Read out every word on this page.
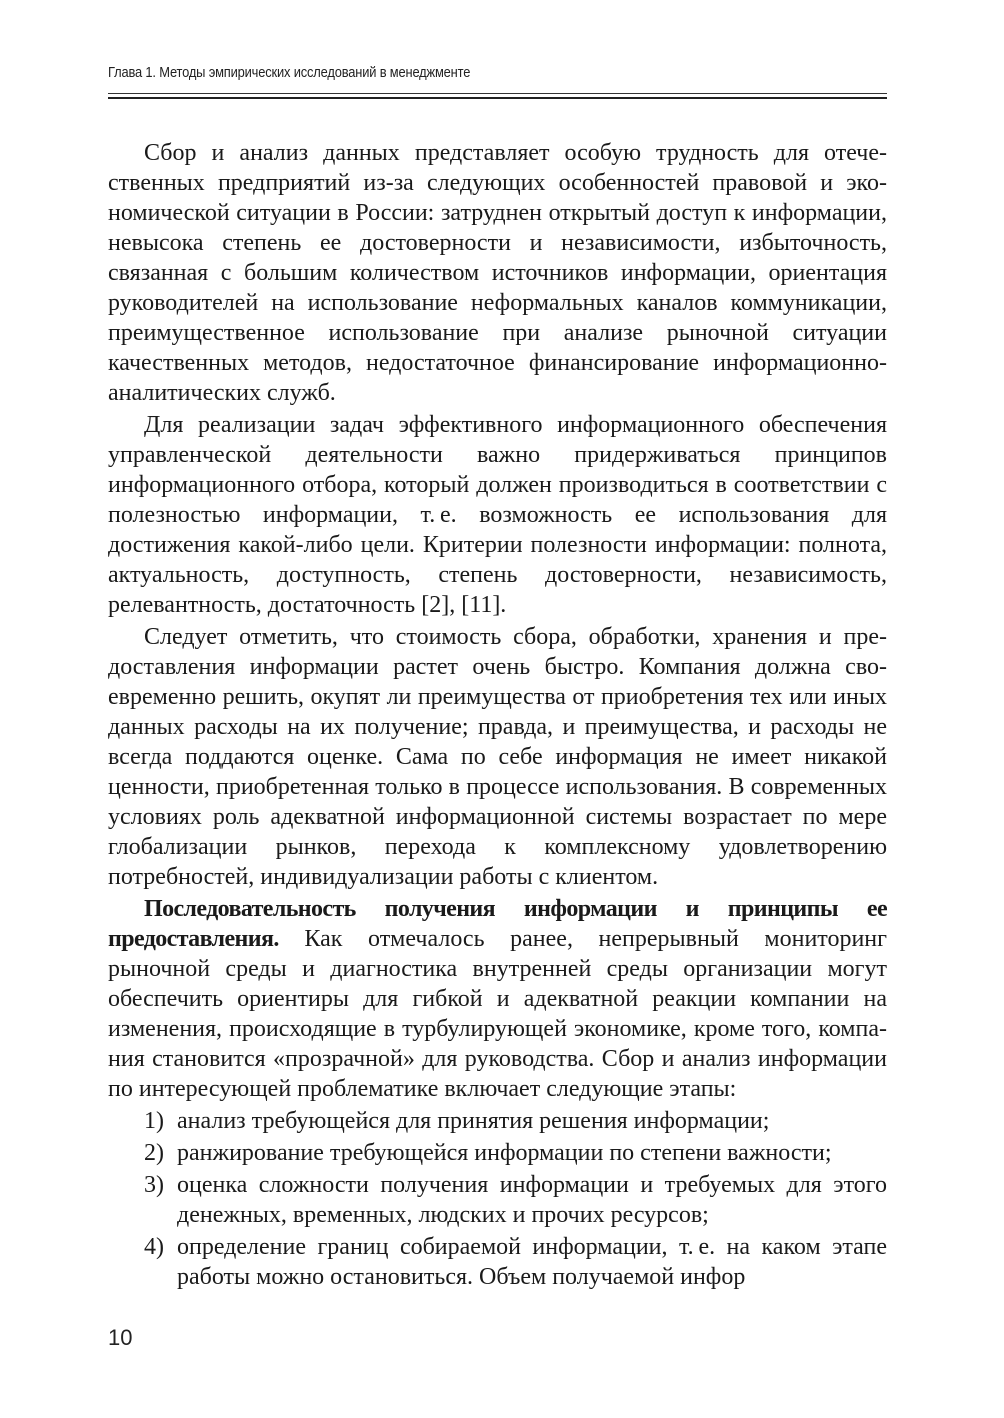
Глава 1. Методы эмпирических исследований в менеджменте

Сбор и анализ данных представляет особую трудность для отечественных предприятий из-за следующих особенностей правовой и экономической ситуации в России: затруднен открытый доступ к информации, невысока степень ее достоверности и независимости, избыточность, связанная с большим количеством источников информации, ориентация руководителей на использование неформальных каналов коммуникации, преимущественное использование при анализе рыночной ситуации качественных методов, недостаточное финансирование информационно-аналитических служб.

Для реализации задач эффективного информационного обеспечения управленческой деятельности важно придерживаться принципов информационного отбора, который должен производиться в соответствии с полезностью информации, т. е. возможность ее использования для достижения какой-либо цели. Критерии полезности информации: полнота, актуальность, доступность, степень достоверности, независимость, релевантность, достаточность [2], [11].

Следует отметить, что стоимость сбора, обработки, хранения и предоставления информации растет очень быстро. Компания должна своевременно решить, окупят ли преимущества от приобретения тех или иных данных расходы на их получение; правда, и преимущества, и расходы не всегда поддаются оценке. Сама по себе информация не имеет никакой ценности, приобретенная только в процессе использования. В современных условиях роль адекватной информационной системы возрастает по мере глобализации рынков, перехода к комплексному удовлетворению потребностей, индивидуализации работы с клиентом.

Последовательность получения информации и принципы ее предоставления. Как отмечалось ранее, непрерывный мониторинг рыночной среды и диагностика внутренней среды организации могут обеспечить ориентиры для гибкой и адекватной реакции компании на изменения, происходящие в турбулирующей экономике, кроме того, компания становится «прозрачной» для руководства. Сбор и анализ информации по интересующей проблематике включает следующие этапы:

1) анализ требующейся для принятия решения информации;
2) ранжирование требующейся информации по степени важности;
3) оценка сложности получения информации и требуемых для этого денежных, временных, людских и прочих ресурсов;
4) определение границ собираемой информации, т. е. на каком этапе работы можно остановиться. Объем получаемой инфор
10
